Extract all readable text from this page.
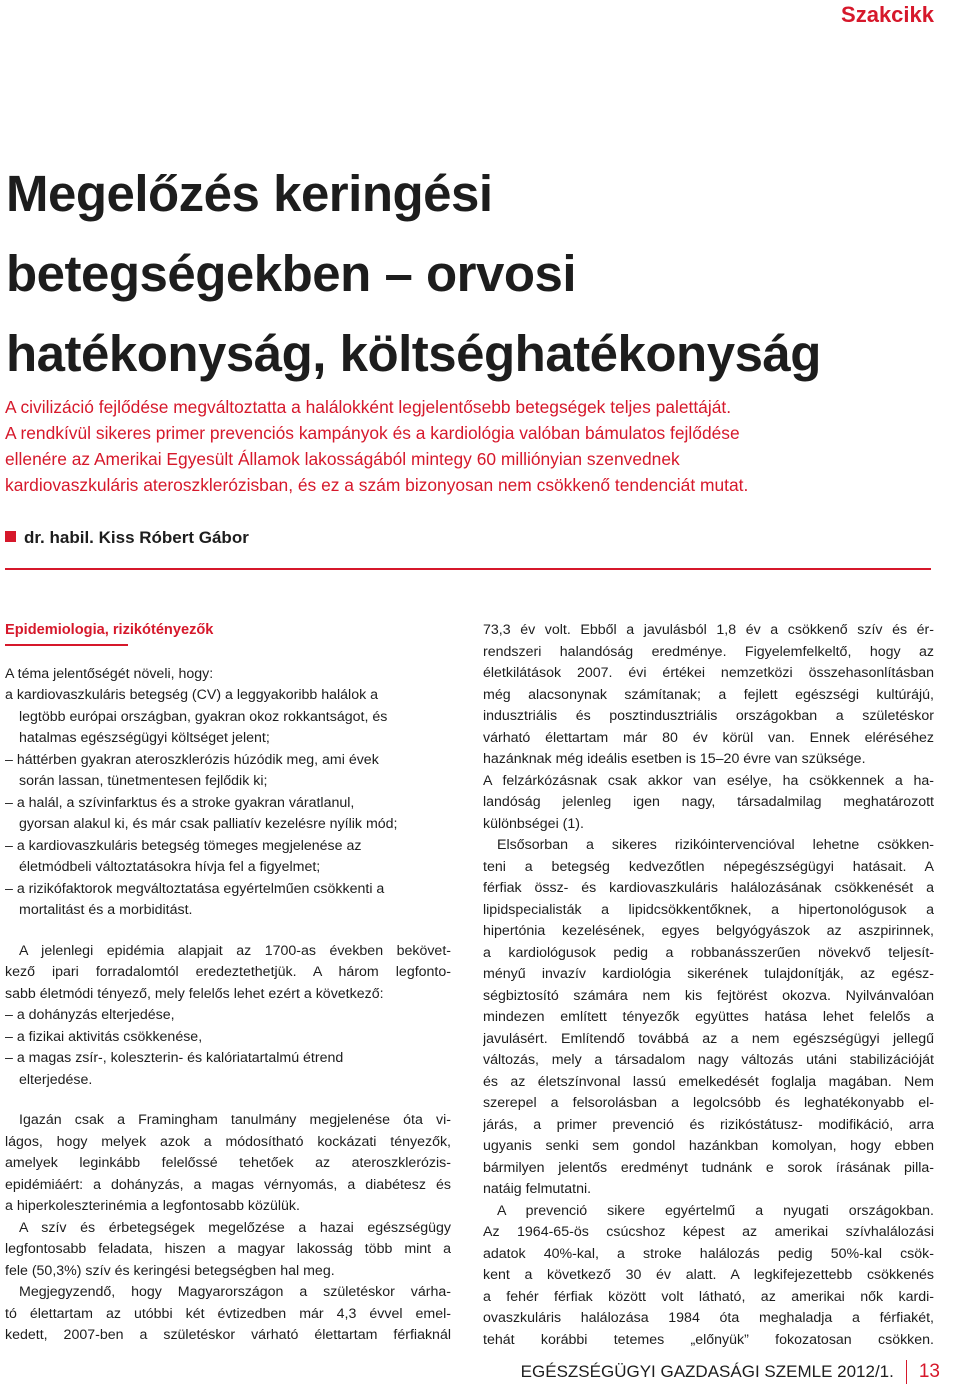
Szakcikk
Megelőzés keringési
betegségekben – orvosi
hatékonyság, költséghatékonyság
A civilizáció fejlődése megváltoztatta a halálokként legjelentősebb betegségek teljes palettáját.
A rendkívül sikeres primer prevenciós kampányok és a kardiológia valóban bámulatos fejlődése
ellenére az Amerikai Egyesült Államok lakosságából mintegy 60 milliónyian szenvednek
kardiovaszkuláris ateroszklerózisban, és ez a szám bizonyosan nem csökkenő tendenciát mutat.
dr. habil. Kiss Róbert Gábor
Epidemiologia, rizikótényezők
A téma jelentőségét növeli, hogy:
a kardiovaszkuláris betegség (CV) a leggyakoribb halálok a
legtöbb európai országban, gyakran okoz rokkantságot, és
hatalmas egészségügyi költséget jelent;
– háttérben gyakran ateroszklerózis húzódik meg, ami évek
során lassan, tünetmentesen fejlődik ki;
– a halál, a szívinfarktus és a stroke gyakran váratlanul,
gyorsan alakul ki, és már csak palliatív kezelésre nyílik mód;
– a kardiovaszkuláris betegség tömeges megjelenése az
életmódbeli változtatásokra hívja fel a figyelmet;
– a rizikófaktorok megváltoztatása egyértelműen csökkenti a
mortalitást és a morbiditást.
A jelenlegi epidémia alapjait az 1700-as években bekövet-
kező ipari forradalomtól eredeztethetjük. A három legfonto-
sabb életmódi tényező, mely felelős lehet ezért a következő:
– a dohányzás elterjedése,
– a fizikai aktivitás csökkenése,
– a magas zsír-, koleszterin- és kalóriatartalmú étrend
elterjedése.
Igazán csak a Framingham tanulmány megjelenése óta vi-
lágos, hogy melyek azok a módosítható kockázati tényezők,
amelyek leginkább felelőssé tehetőek az ateroszklerózis-
epidémiáért: a dohányzás, a magas vérnyomás, a diabétesz és
a hiperkoleszterinémia a legfontosabb közülük.
A szív és érbetegségek megelőzése a hazai egészségügy
legfontosabb feladata, hiszen a magyar lakosság több mint a
fele (50,3%) szív és keringési betegségben hal meg.
Megjegyzendő, hogy Magyarországon a születéskor várha-
tó élettartam az utóbbi két évtizedben már 4,3 évvel emel-
kedett, 2007-ben a születéskor várható élettartam férfiaknál
73,3 év volt. Ebből a javulásból 1,8 év a csökkenő szív és ér-
rendszeri halandóság eredménye. Figyelemfelkeltő, hogy az
életkilátások 2007. évi értékei nemzetközi összehasonlításban
még alacsonynak számítanak; a fejlett egészségi kultúrájú,
indusztriális és posztindusztriális országokban a születéskor
várható élettartam már 80 év körül van. Ennek eléréséhez
hazánknak még ideális esetben is 15–20 évre van szüksége.
A felzárkózásnak csak akkor van esélye, ha csökkennek a ha-
landóság jelenleg igen nagy, társadalmilag meghatározott
különbségei (1).
Elsősorban a sikeres rizikóintervencióval lehetne csökken-
teni a betegség kedvezőtlen népegészségügyi hatásait. A
férfiak össz- és kardiovaszkuláris halálozásának csökkenését a
lipidspecialisták a lipidcsökkentőknek, a hipertonológusok a
hipertónia kezelésének, egyes belgyógyászok az aszpirinnek,
a kardiológusok pedig a robbanásszerűen növekvő teljesít-
ményű invazív kardiológia sikerének tulajdonítják, az egész-
ségbiztosító számára nem kis fejtörést okozva. Nyilvánvalóan
mindezen említett tényezők együttes hatása lehet felelős a
javulásért. Említendő továbbá az a nem egészségügyi jellegű
változás, mely a társadalom nagy változás utáni stabilizációját
és az életszínvonal lassú emelkedését foglalja magában. Nem
szerepel a felsorolásban a legolcsóbb és leghatékonyabb el-
járás, a primer prevenció és rizikóstátusz- modifikáció, arra
ugyanis senki sem gondol hazánkban komolyan, hogy ebben
bármilyen jelentős eredményt tudnánk e sorok írásának pilla-
natáig felmutatni.
A prevenció sikere egyértelmű a nyugati országokban.
Az 1964-65-ös csúcshoz képest az amerikai szívhalálozási
adatok 40%-kal, a stroke halálozás pedig 50%-kal csök-
kent a következő 30 év alatt. A legkifejezettebb csökkenés
a fehér férfiak között volt látható, az amerikai nők kardi-
ovaszkuláris halálozása 1984 óta meghaladja a férfiakét,
tehát korábbi tetemes „előnyük” fokozatosan csökken.
EGÉSZSÉGÜGYI GAZDASÁGI SZEMLE 2012/1. 13
